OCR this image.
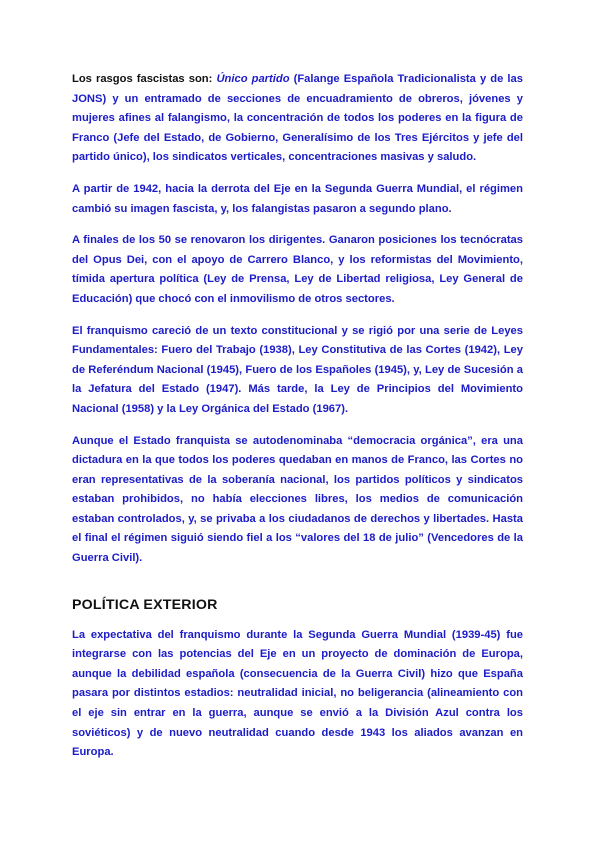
Los rasgos fascistas son: Único partido (Falange Española Tradicionalista y de las JONS) y un entramado de secciones de encuadramiento de obreros, jóvenes y mujeres afines al falangismo, la concentración de todos los poderes en la figura de Franco (Jefe del Estado, de Gobierno, Generalísimo de los Tres Ejércitos y jefe del partido único), los sindicatos verticales, concentraciones masivas y saludo.

A partir de 1942, hacia la derrota del Eje en la Segunda Guerra Mundial, el régimen cambió su imagen fascista, y, los falangistas pasaron a segundo plano.

A finales de los 50 se renovaron los dirigentes. Ganaron posiciones los tecnócratas del Opus Dei, con el apoyo de Carrero Blanco, y los reformistas del Movimiento, tímida apertura política (Ley de Prensa, Ley de Libertad religiosa, Ley General de Educación) que chocó con el inmovilismo de otros sectores.

El franquismo careció de un texto constitucional y se rigió por una serie de Leyes Fundamentales: Fuero del Trabajo (1938), Ley Constitutiva de las Cortes (1942), Ley de Referéndum Nacional (1945), Fuero de los Españoles (1945), y, Ley de Sucesión a la Jefatura del Estado (1947). Más tarde, la Ley de Principios del Movimiento Nacional (1958) y la Ley Orgánica del Estado (1967).

Aunque el Estado franquista se autodenominaba “democracia orgánica”, era una dictadura en la que todos los poderes quedaban en manos de Franco, las Cortes no eran representativas de la soberanía nacional, los partidos políticos y sindicatos estaban prohibidos, no había elecciones libres, los medios de comunicación estaban controlados, y, se privaba a los ciudadanos de derechos y libertades. Hasta el final el régimen siguió siendo fiel a los “valores del 18 de julio” (Vencedores de la Guerra Civil).

POLÍTICA EXTERIOR

La expectativa del franquismo durante la Segunda Guerra Mundial (1939-45) fue integrarse con las potencias del Eje en un proyecto de dominación de Europa, aunque la debilidad española (consecuencia de la Guerra Civil) hizo que España pasara por distintos estadios: neutralidad inicial, no beligerancia (alineamiento con el eje sin entrar en la guerra, aunque se envió a la División Azul contra los soviéticos) y de nuevo neutralidad cuando desde 1943 los aliados avanzan en Europa.
